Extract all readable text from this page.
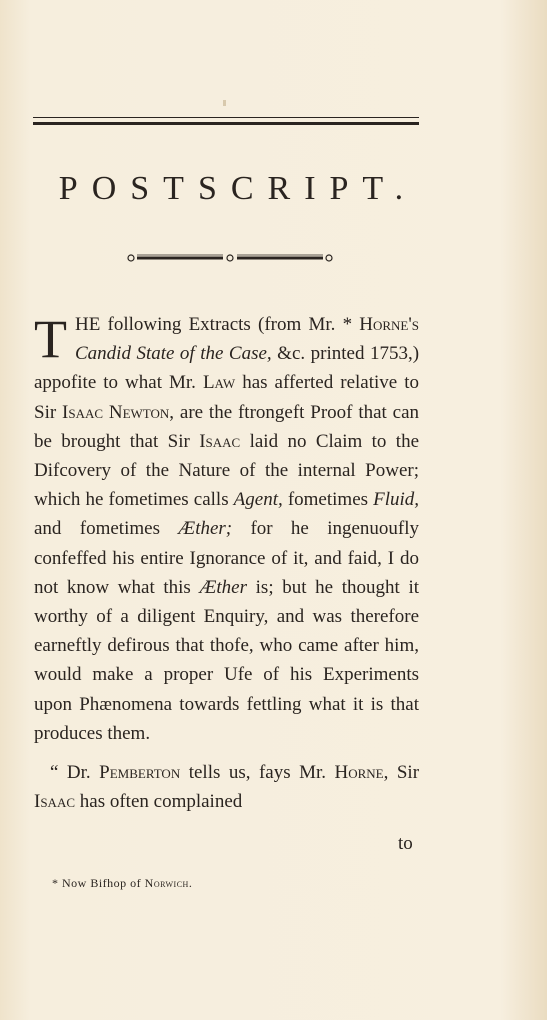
POSTSCRIPT.

T HE following Extracts (from Mr. * Horne's Candid State of the Case, &c. printed 1753,) appofite to what Mr. Law has afferted relative to Sir Isaac Newton, are the ftrongeft Proof that can be brought that Sir Isaac laid no Claim to the Difcovery of the Nature of the internal Power; which he fometimes calls Agent, fometimes Fluid, and fometimes Æther; for he ingenuoufly confeffed his entire Ignorance of it, and faid, I do not know what this Æther is; but he thought it worthy of a diligent Enquiry, and was therefore earneftly defirous that thofe, who came after him, would make a proper Ufe of his Experiments upon Phænomena towards fettling what it is that produces them.

“ Dr. Pemberton tells us, fays Mr. Horne, Sir Isaac has often complained

to

* Now Bifhop of Norwich.
